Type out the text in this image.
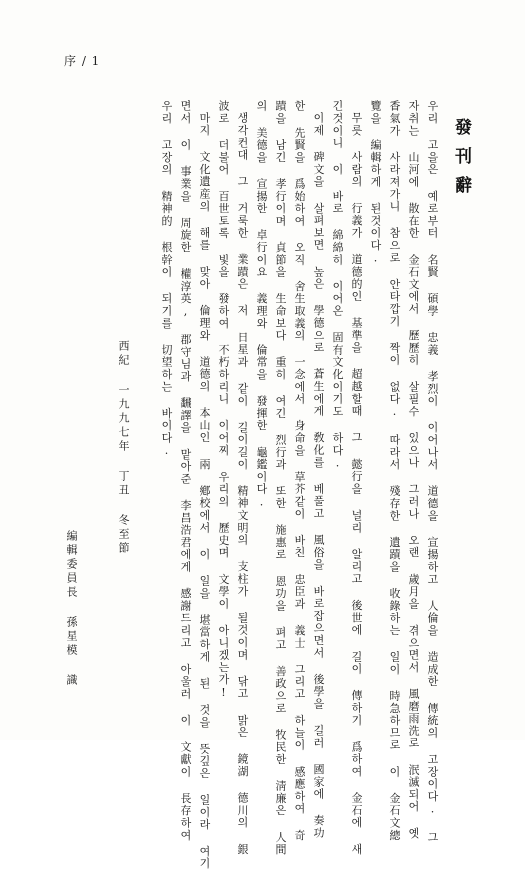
序 / 1
發刊辭
우리 고을은 예로부터 名賢 碩學 忠義 孝烈이 이어나서 道德을 宣揚하고 人倫을 造成한 傳統의 고장이다. 그
자취는 山河에 散在한 金石文에서 歷歷히 살필수 있으나 그러나 오랜 歲月을 겪으면서 風磨雨洗로 泯滅되어 옛
香氣가 사라져가니 참으로 안타깝기 짝이 없다. 따라서 殘存한 遺蹟을 收錄하는 일이 時急하므로 이 金石文總
覽을 編輯하게 된것이다.
무릇 사람의 行義가 道德的인 基準을 超越할때 그 懿行을 널리 알리고 後世에 길이 傳하기 爲하여 金石에 새
긴것이니 이 바로 綿綿히 이어온 固有文化이기도 하다.
이제 碑文을 살펴보면 높은 學德으로 蒼生에게 敎化를 베풀고 風俗을 바로잡으면서 後學을 길러 國家에 奏功
한 先賢을 爲始하여 오직 舍生取義의 一念에서 身命을 草芥같이 바친 忠臣과 義士 그리고 하늘이 感應하여 奇
蹟을 남긴 孝行이며 貞節을 生命보다 重히 여긴 烈行과 또한 施惠로 恩功을 펴고 善政으로 牧民한 淸廉은 人間
의 美德을 宣揚한 卓行이요 義理와 倫常을 發揮한 龜鑑이다.
생각컨대 그 거룩한 業蹟은 저 日星과 같이 길이길이 精神文明의 支柱가 될것이며 닦고 맑은 鏡湖 德川의 銀
波로 더불어 百世토록 빛을 發하여 不朽하리니 이어찌 우리의 歷史며 文學이 아니겠는가!
마지 文化遺産의 해를 맞아 倫理와 道德의 本山인 兩 鄕校에서 이 일을 堪當하게 된 것을 뜻깊은 일이라 여기
면서 이 事業을 周旋한 權淳英, 郡守님과 飜譯을 맡아준 李昌浩君에게 感謝드리고 아울러 이 文獻이 長存하여
우리 고장의 精神的 根幹이 되기를 切望하는 바이다.
西紀 一九九七年 丁丑 冬至節
編輯委員長 孫星模 識
